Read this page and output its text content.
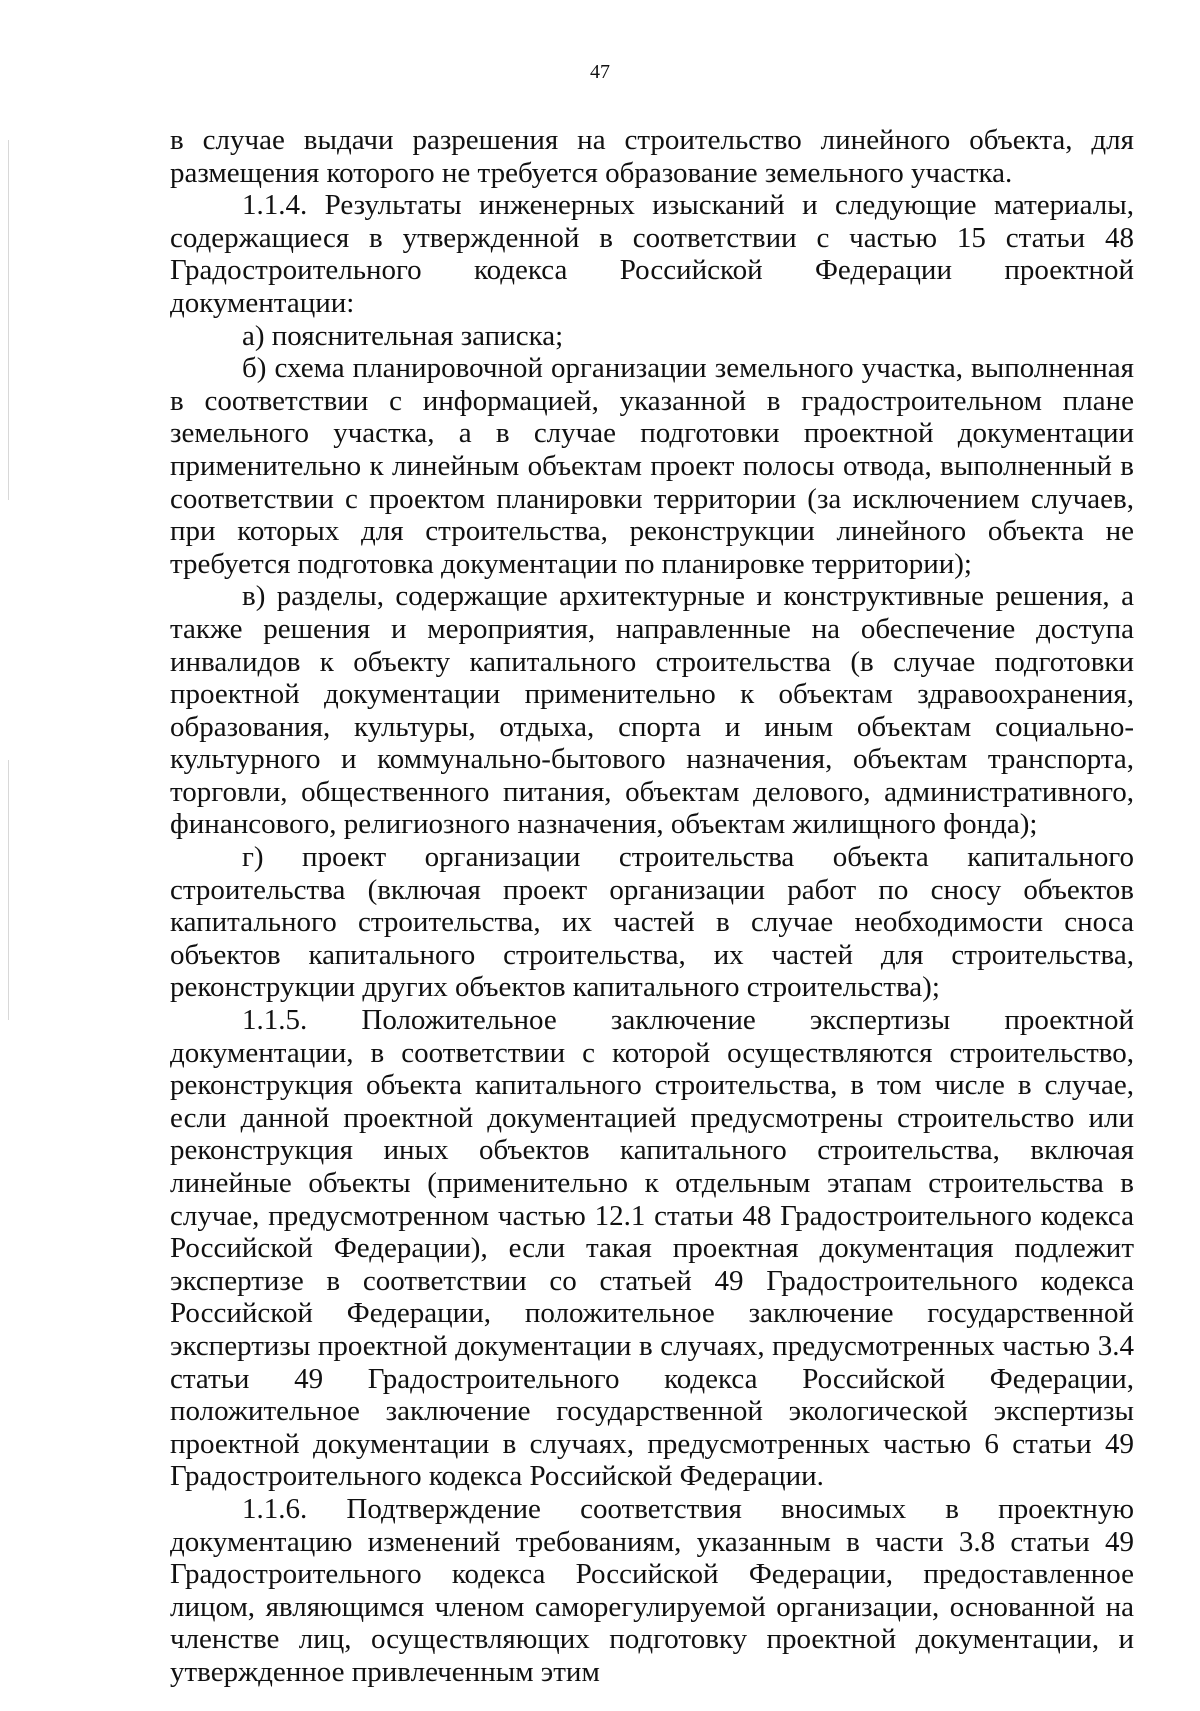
47

в случае выдачи разрешения на строительство линейного объекта, для размещения которого не требуется образование земельного участка.

1.1.4. Результаты инженерных изысканий и следующие материалы, содержащиеся в утвержденной в соответствии с частью 15 статьи 48 Градостроительного кодекса Российской Федерации проектной документации:

а) пояснительная записка;

б) схема планировочной организации земельного участка, выполненная в соответствии с информацией, указанной в градостроительном плане земельного участка, а в случае подготовки проектной документации применительно к линейным объектам проект полосы отвода, выполненный в соответствии с проектом планировки территории (за исключением случаев, при которых для строительства, реконструкции линейного объекта не требуется подготовка документации по планировке территории);

в) разделы, содержащие архитектурные и конструктивные решения, а также решения и мероприятия, направленные на обеспечение доступа инвалидов к объекту капитального строительства (в случае подготовки проектной документации применительно к объектам здравоохранения, образования, культуры, отдыха, спорта и иным объектам социально-культурного и коммунально-бытового назначения, объектам транспорта, торговли, общественного питания, объектам делового, административного, финансового, религиозного назначения, объектам жилищного фонда);

г) проект организации строительства объекта капитального строительства (включая проект организации работ по сносу объектов капитального строительства, их частей в случае необходимости сноса объектов капитального строительства, их частей для строительства, реконструкции других объектов капитального строительства);

1.1.5. Положительное заключение экспертизы проектной документации, в соответствии с которой осуществляются строительство, реконструкция объекта капитального строительства, в том числе в случае, если данной проектной документацией предусмотрены строительство или реконструкция иных объектов капитального строительства, включая линейные объекты (применительно к отдельным этапам строительства в случае, предусмотренном частью 12.1 статьи 48 Градостроительного кодекса Российской Федерации), если такая проектная документация подлежит экспертизе в соответствии со статьей 49 Градостроительного кодекса Российской Федерации, положительное заключение государственной экспертизы проектной документации в случаях, предусмотренных частью 3.4 статьи 49 Градостроительного кодекса Российской Федерации, положительное заключение государственной экологической экспертизы проектной документации в случаях, предусмотренных частью 6 статьи 49 Градостроительного кодекса Российской Федерации.

1.1.6. Подтверждение соответствия вносимых в проектную документацию изменений требованиям, указанным в части 3.8 статьи 49 Градостроительного кодекса Российской Федерации, предоставленное лицом, являющимся членом саморегулируемой организации, основанной на членстве лиц, осуществляющих подготовку проектной документации, и утвержденное привлеченным этим
